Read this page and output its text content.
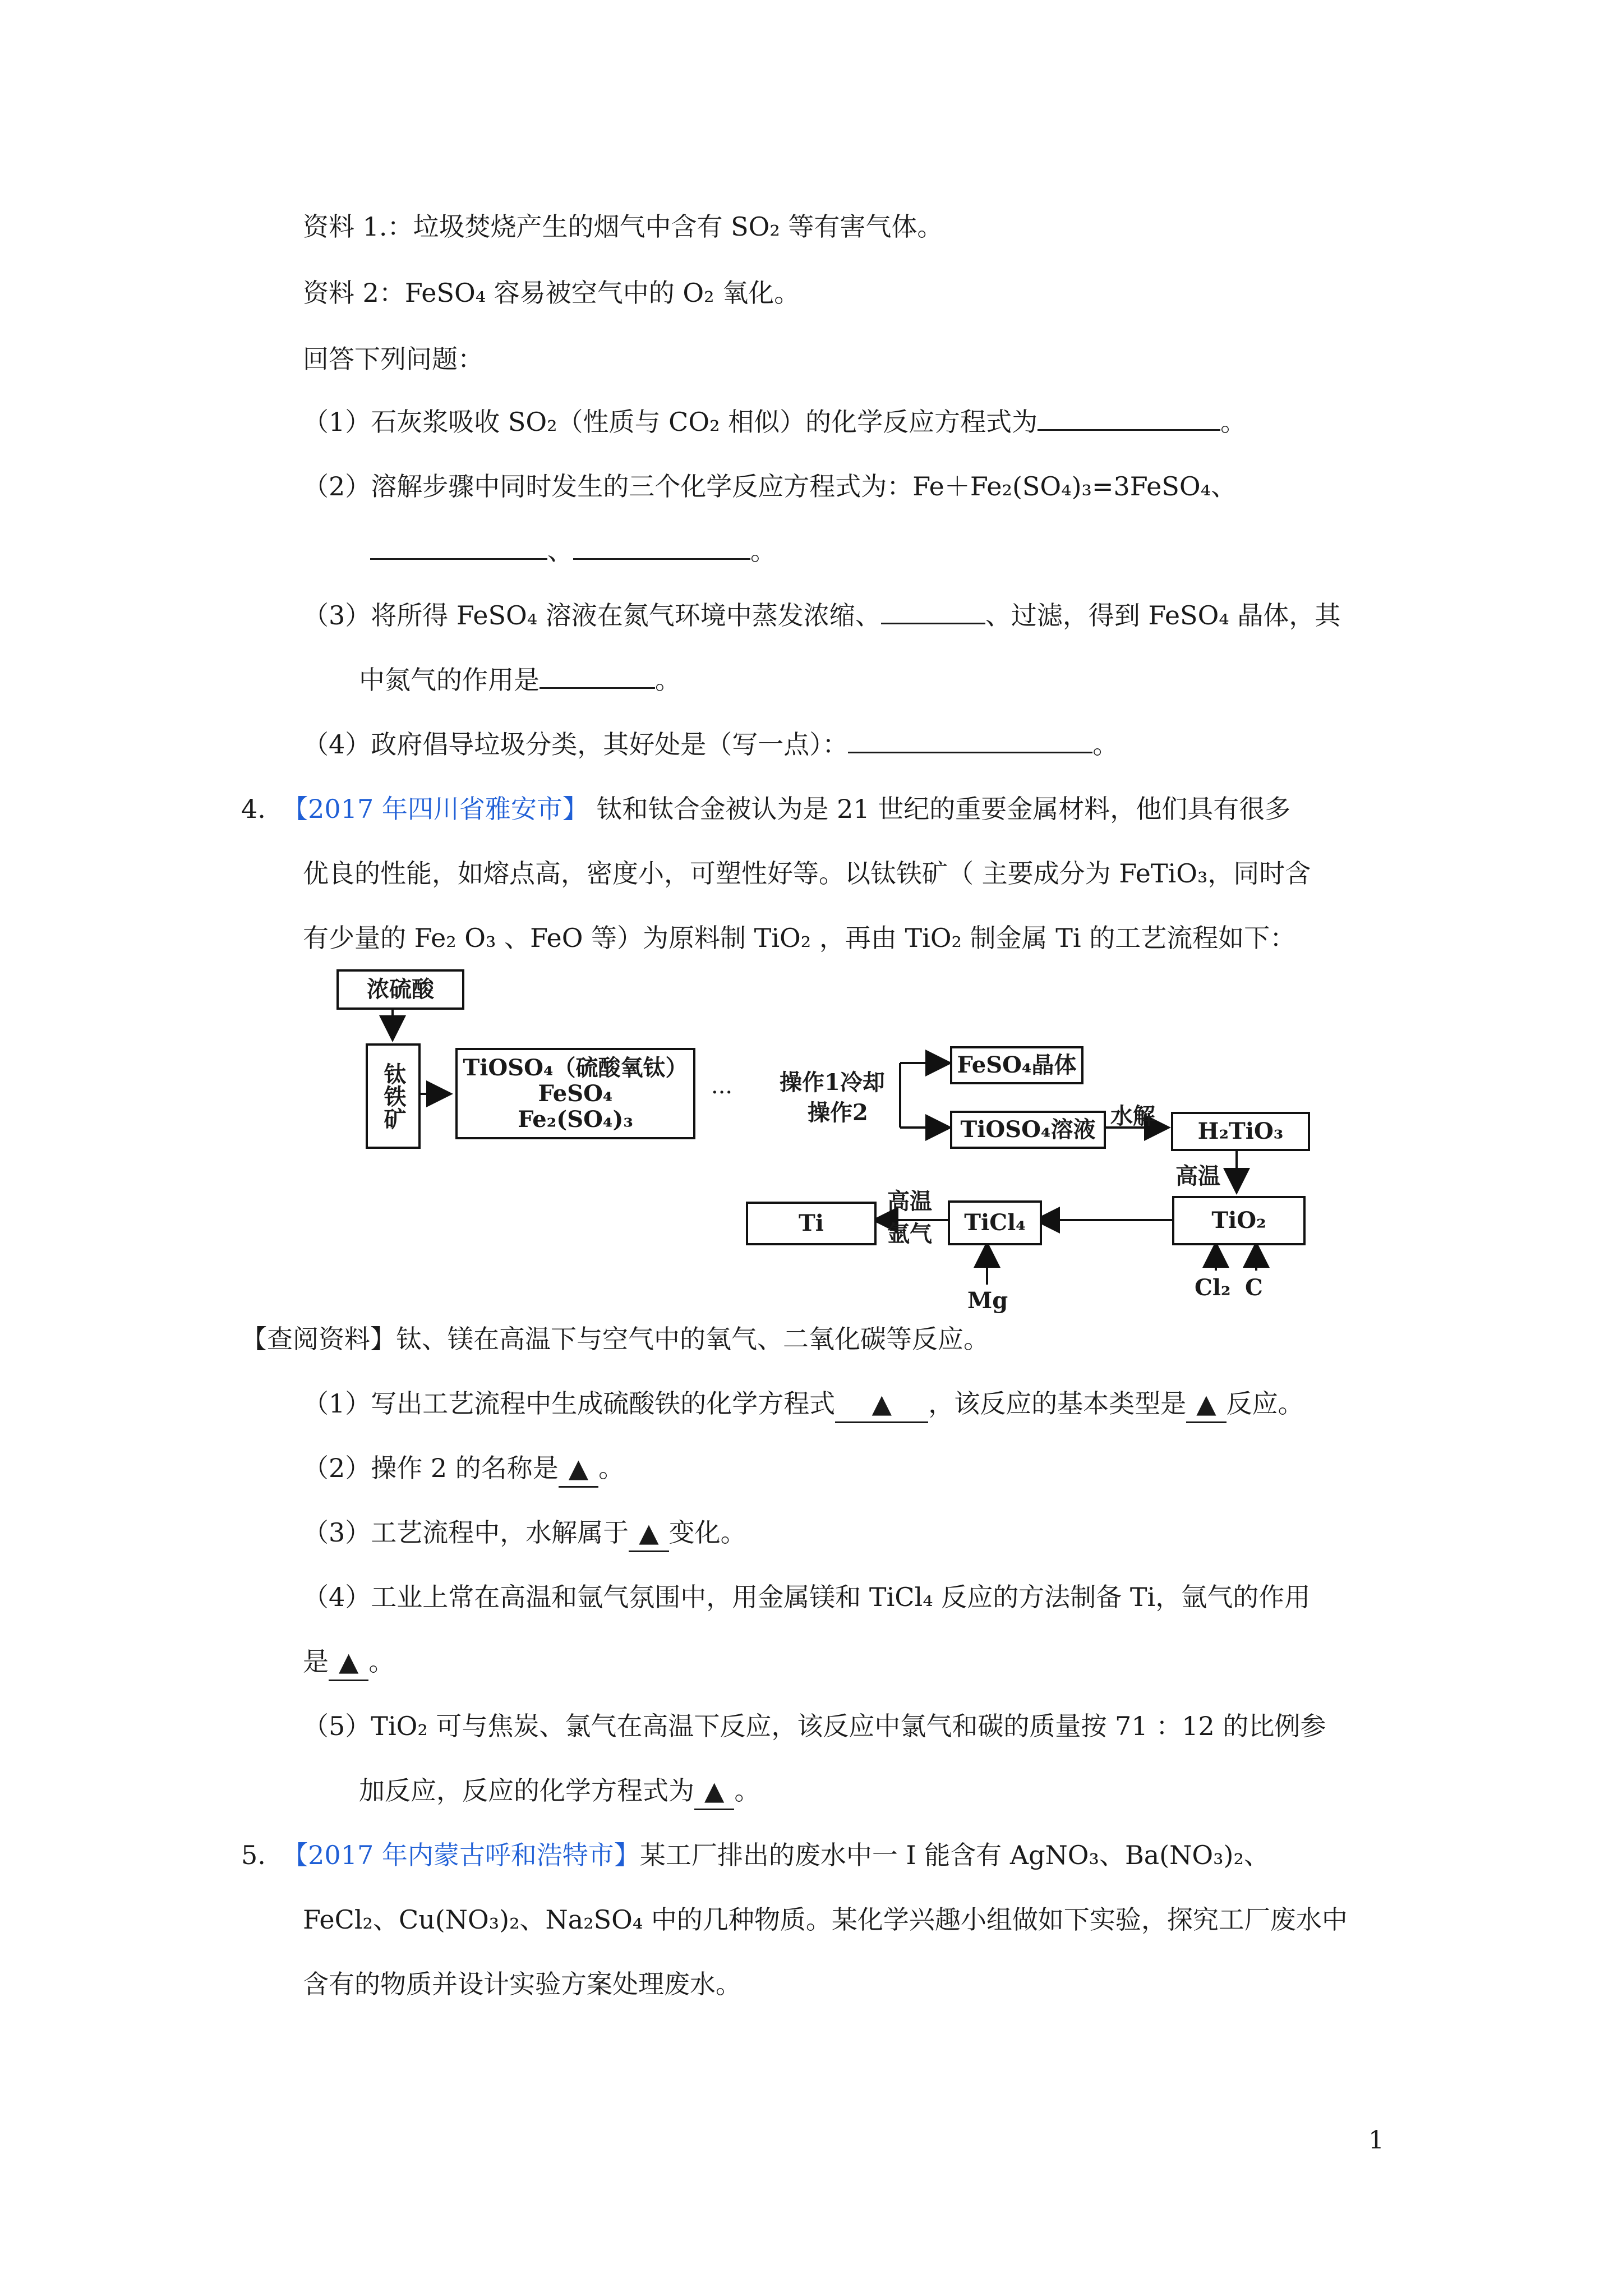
资料 1.：垃圾焚烧产生的烟气中含有 SO₂ 等有害气体。
资料 2：FeSO₄ 容易被空气中的 O₂ 氧化。
回答下列问题：
（1）石灰浆吸收 SO₂（性质与 CO₂ 相似）的化学反应方程式为	。
（2）溶解步骤中同时发生的三个化学反应方程式为：Fe＋Fe₂(SO₄)₃=3FeSO₄、
、	。
（3）将所得 FeSO₄ 溶液在氮气环境中蒸发浓缩、	、过滤，得到 FeSO₄ 晶体，其
中氮气的作用是	。
（4）政府倡导垃圾分类，其好处是（写一点）：	。
4. 【2017 年四川省雅安市】 钛和钛合金被认为是 21 世纪的重要金属材料，他们具有很多
优良的性能，如熔点高，密度小，可塑性好等。以钛铁矿（ 主要成分为 FeTiO₃，同时含
有少量的 Fe₂ O₃ 、FeO 等）为原料制 TiO₂ ，再由 TiO₂ 制金属 Ti 的工艺流程如下：
浓硫酸
钛铁矿	TiOSO₄（硫酸氧钛）
FeSO₄
Fe₂(SO₄)₃
··· 操作1冷却
操作2
FeSO₄晶体
TiOSO₄溶液
水解
H₂TiO₃
高温
TiO₂
TiCl₄
高温
氩气
Ti
Mg	Cl₂ C
【查阅资料】钛、镁在高温下与空气中的氧气、二氧化碳等反应。
（1）写出工艺流程中生成硫酸铁的化学方程式 ▲ ，该反应的基本类型是 ▲ 反应。
（2）操作 2 的名称是 ▲ 。
（3）工艺流程中，水解属于 ▲ 变化。
（4）工业上常在高温和氩气氛围中，用金属镁和 TiCl₄ 反应的方法制备 Ti，氩气的作用
是 ▲ 。
（5）TiO₂ 可与焦炭、氯气在高温下反应，该反应中氯气和碳的质量按 71 ：12 的比例参
加反应，反应的化学方程式为 ▲ 。
5. 【2017 年内蒙古呼和浩特市】某工厂排出的废水中一 I 能含有 AgNO₃、Ba(NO₃)₂、
FeCl₂、Cu(NO₃)₂、Na₂SO₄ 中的几种物质。某化学兴趣小组做如下实验，探究工厂废水中
含有的物质并设计实验方案处理废水。
1
